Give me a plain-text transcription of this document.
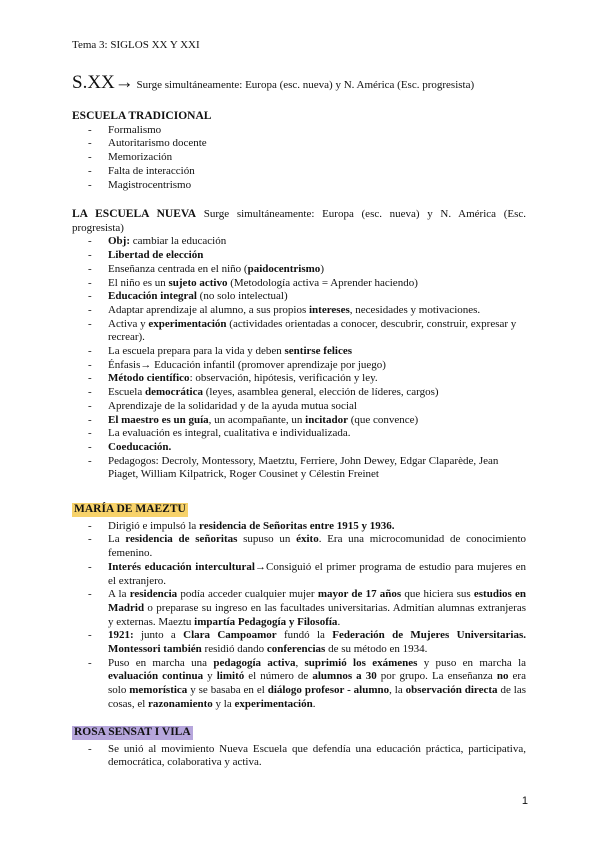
Tema 3: SIGLOS XX Y XXI
S.XX→ Surge simultáneamente: Europa (esc. nueva) y N. América (Esc. progresista)
ESCUELA TRADICIONAL
- Formalismo
- Autoritarismo docente
- Memorización
- Falta de interacción
- Magistrocentrismo
LA ESCUELA NUEVA Surge simultáneamente: Europa (esc. nueva) y N. América (Esc. progresista)
- Obj: cambiar la educación
- Libertad de elección
- Enseñanza centrada en el niño (paidocentrismo)
- El niño es un sujeto activo (Metodología activa = Aprender haciendo)
- Educación integral (no solo intelectual)
- Adaptar aprendizaje al alumno, a sus propios intereses, necesidades y motivaciones.
- Activa y experimentación (actividades orientadas a conocer, descubrir, construir, expresar y recrear).
- La escuela prepara para la vida y deben sentirse felices
- Énfasis→ Educación infantil (promover aprendizaje por juego)
- Método científico: observación, hipótesis, verificación y ley.
- Escuela democrática (leyes, asamblea general, elección de líderes, cargos)
- Aprendizaje de la solidaridad y de la ayuda mutua social
- El maestro es un guía, un acompañante, un incitador (que convence)
- La evaluación es integral, cualitativa e individualizada.
- Coeducación.
- Pedagogos: Decroly, Montessory, Maetztu, Ferriere, John Dewey, Edgar Claparède, Jean Piaget, William Kilpatrick, Roger Cousinet y Célestin Freinet
MARÍA DE MAEZTU
- Dirigió e impulsó la residencia de Señoritas entre 1915 y 1936.
- La residencia de señoritas supuso un éxito. Era una microcomunidad de conocimiento femenino.
- Interés educación intercultural→Consiguió el primer programa de estudio para mujeres en el extranjero.
- A la residencia podía acceder cualquier mujer mayor de 17 años que hiciera sus estudios en Madrid o preparase su ingreso en las facultades universitarias. Admitían alumnas extranjeras y externas. Maeztu impartía Pedagogía y Filosofía.
- 1921: junto a Clara Campoamor fundó la Federación de Mujeres Universitarias. Montessori también residió dando conferencias de su método en 1934.
- Puso en marcha una pedagogía activa, suprimió los exámenes y puso en marcha la evaluación continua y limitó el número de alumnos a 30 por grupo. La enseñanza no era solo memorística y se basaba en el diálogo profesor - alumno, la observación directa de las cosas, el razonamiento y la experimentación.
ROSA SENSAT I VILA
- Se unió al movimiento Nueva Escuela que defendía una educación práctica, participativa, democrática, colaborativa y activa.
1
